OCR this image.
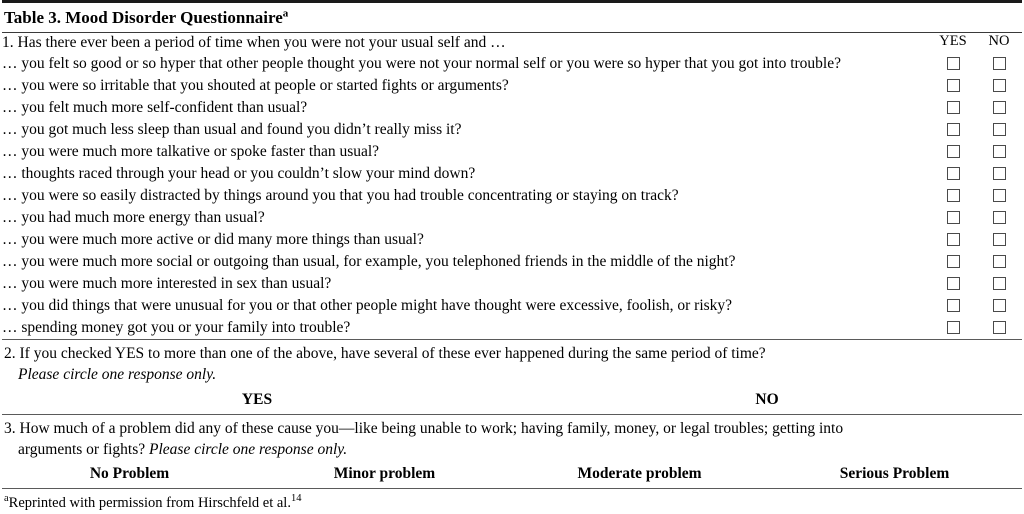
Table 3. Mood Disorder Questionnaire$^a$
1. Has there ever been a period of time when you were not your usual self and …	YES	NO
… you felt so good or so hyper that other people thought you were not your normal self or you were so hyper that you got into trouble?		
… you were so irritable that you shouted at people or started fights or arguments?		
… you felt much more self-confident than usual?		
… you got much less sleep than usual and found you didn’t really miss it?		
… you were much more talkative or spoke faster than usual?		
… thoughts raced through your head or you couldn’t slow your mind down?		
… you were so easily distracted by things around you that you had trouble concentrating or staying on track?		
… you had much more energy than usual?		
… you were much more active or did many more things than usual?		
… you were much more social or outgoing than usual, for example, you telephoned friends in the middle of the night?		
… you were much more interested in sex than usual?		
… you did things that were unusual for you or that other people might have thought were excessive, foolish, or risky?		
… spending money got you or your family into trouble?		
2. If you checked YES to more than one of the above, have several of these ever happened during the same period of time?
Please circle one response only.
YES	NO
3. How much of a problem did any of these cause you—like being unable to work; having family, money, or legal troubles; getting into
arguments or fights? Please circle one response only.
No Problem	Minor problem	Moderate problem	Serious Problem
$^a$Reprinted with permission from Hirschfeld et al.$^{14}$
